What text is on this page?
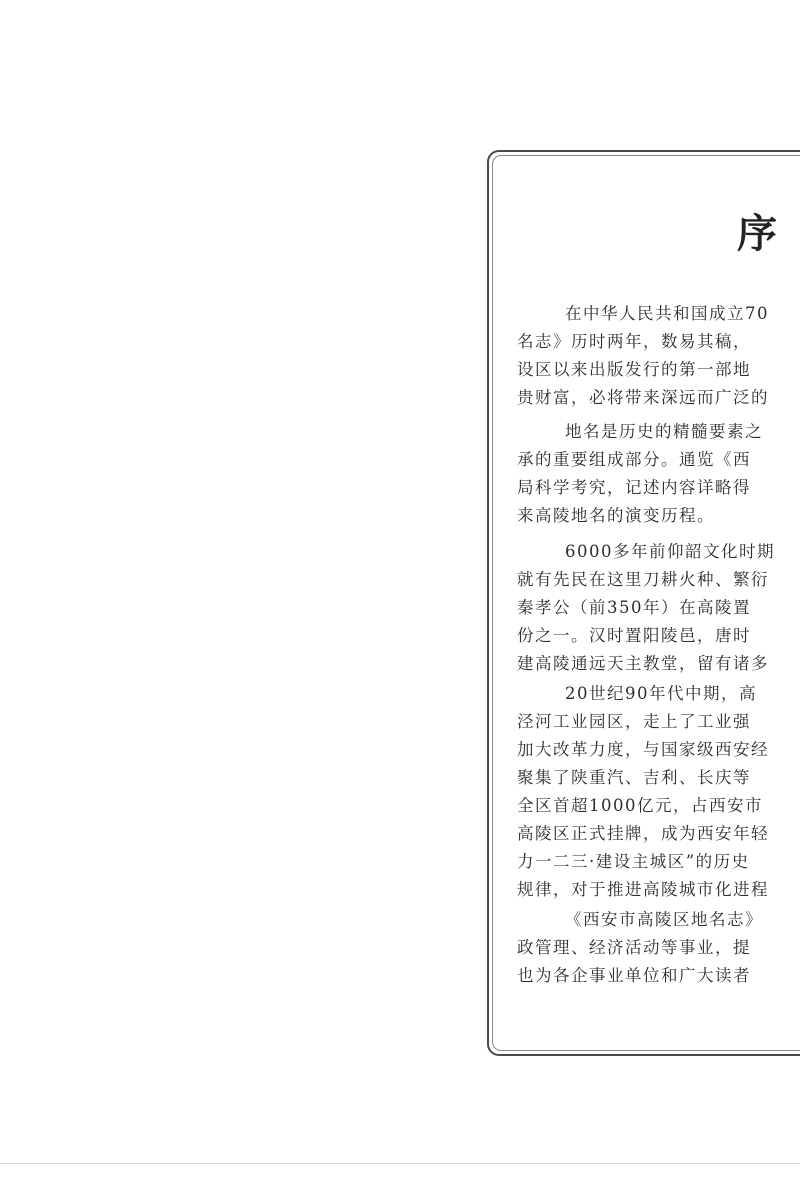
序
在中华人民共和国成立70
名志》历时两年，数易其稿，
设区以来出版发行的第一部地
贵财富，必将带来深远而广泛的
地名是历史的精髓要素之
承的重要组成部分。通览《西
局科学考究，记述内容详略得
来高陵地名的演变历程。
6000多年前仰韶文化时期
就有先民在这里刀耕火种、繁衍
秦孝公（前350年）在高陵置
份之一。汉时置阳陵邑，唐时
建高陵通远天主教堂，留有诸多
20世纪90年代中期，高
泾河工业园区，走上了工业强
加大改革力度，与国家级西安经
聚集了陕重汽、吉利、长庆等
全区首超1000亿元，占西安市
高陵区正式挂牌，成为西安年轻
力一二三·建设主城区”的历史
规律，对于推进高陵城市化进程
《西安市高陵区地名志》
政管理、经济活动等事业，提
也为各企事业单位和广大读者
